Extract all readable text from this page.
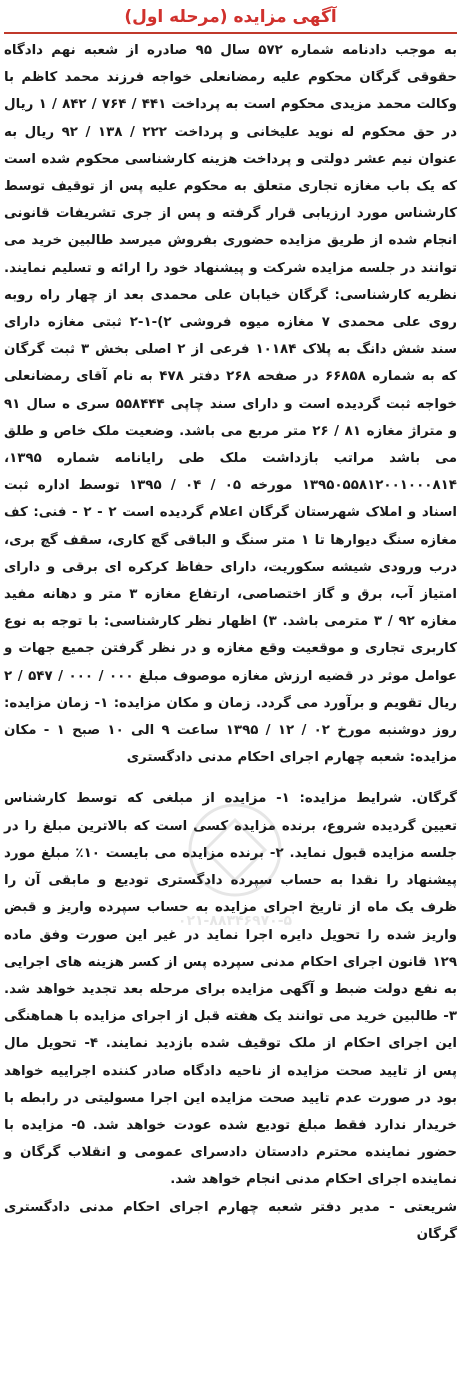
آگهی مزایده (مرحله اول)

به موجب دادنامه شماره ۵۷۲ سال ۹۵ صادره از شعبه نهم دادگاه حقوقی گرگان محکوم علیه رمضانعلی خواجه فرزند محمد کاظم با وکالت محمد مزیدی محکوم است به پرداخت ۴۴۱ / ۷۶۴ / ۸۴۲ / ۱ ریال در حق محکوم له نوید علیخانی و پرداخت ۲۲۲ / ۱۳۸ / ۹۲ ریال به عنوان نیم عشر دولتی و پرداخت هزینه کارشناسی محکوم شده است که یک باب مغازه تجاری متعلق به محکوم علیه پس از توقیف توسط کارشناس مورد ارزیابی قرار گرفته و پس از جری تشریفات قانونی انجام شده از طریق مزایده حضوری بفروش میرسد طالبین خرید می توانند در جلسه مزایده شرکت و پیشنهاد خود را ارائه و تسلیم نمایند. نظریه کارشناسی: گرگان خیابان علی محمدی بعد از چهار راه روبه روی علی محمدی ۷ مغازه میوه فروشی ۲)-۱-۲ ثبتی مغازه دارای سند شش دانگ به پلاک ۱۰۱۸۴ فرعی از ۲ اصلی بخش ۳ ثبت گرگان که به شماره ۶۶۸۵۸ در صفحه ۲۶۸ دفتر ۴۷۸ به نام آقای رمضانعلی خواجه ثبت گردیده است و دارای سند چاپی ۵۵۸۴۴۴ سری ه سال ۹۱ و متراژ مغازه ۸۱ / ۲۶ متر مربع می باشد. وضعیت ملک خاص و طلق می باشد مراتب بازداشت ملک طی رایانامه شماره ۱۳۹۵، ۱۳۹۵۰۵۵۸۱۲۰۰۱۰۰۰۸۱۴ مورخه ۰۵ / ۰۴ / ۱۳۹۵ توسط اداره ثبت اسناد و املاک شهرستان گرگان اعلام گردیده است ۲ - ۲ - فنی: کف مغازه سنگ دیوارها تا ۱ متر سنگ و الباقی گچ کاری، سقف گچ بری، درب ورودی شیشه سکوریت، دارای حفاظ کرکره ای برقی و دارای امتیاز آب، برق و گاز اختصاصی، ارتفاع مغازه ۳ متر و دهانه مفید مغازه ۹۲ / ۳ مترمی باشد. ۳) اظهار نظر کارشناسی: با توجه به نوع کاربری تجاری و موقعیت وقع مغازه و در نظر گرفتن جمیع جهات و عوامل موثر در قضیه ارزش مغازه موصوف مبلغ ۰۰۰ / ۰۰۰ / ۵۴۷ / ۲ ریال تقویم و برآورد می گردد. زمان و مکان مزایده: ۱- زمان مزایده: روز دوشنبه مورخ ۰۲ / ۱۲ / ۱۳۹۵ ساعت ۹ الی ۱۰ صبح ۱ - مکان مزایده: شعبه چهارم اجرای احکام مدنی دادگستری

گرگان. شرایط مزایده: ۱- مزایده از مبلغی که توسط کارشناس تعیین گردیده شروع، برنده مزایده کسی است که بالاترین مبلغ را در جلسه مزایده قبول نماید. ۲- برنده مزایده می بایست ۱۰٪ مبلغ مورد پیشنهاد را نقدا به حساب سپرده دادگستری تودیع و مابقی آن را ظرف یک ماه از تاریخ اجرای مزایده به حساب سپرده واریز و قبض واریز شده را تحویل دایره اجرا نماید در غیر این صورت وفق ماده ۱۲۹ قانون اجرای احکام مدنی سپرده پس از کسر هزینه های اجرایی به نفع دولت ضبط و آگهی مزایده برای مرحله بعد تجدید خواهد شد. ۳- طالبین خرید می توانند یک هفته قبل از اجرای مزایده با هماهنگی این اجرای احکام از ملک توقیف شده بازدید نمایند. ۴- تحویل مال پس از تایید صحت مزایده از ناحیه دادگاه صادر کننده اجراییه خواهد بود در صورت عدم تایید صحت مزایده این اجرا مسولیتی در رابطه با خریدار ندارد فقط مبلغ تودیع شده عودت خواهد شد. ۵- مزایده با حضور نماینده محترم دادستان دادسرای عمومی و انقلاب گرگان و نماینده اجرای احکام مدنی انجام خواهد شد.

شریعتی - مدیر دفتر شعبه چهارم اجرای احکام مدنی دادگستری گرگان

۰۲۱-۸۸۳۴۶۹۷۰-۵
